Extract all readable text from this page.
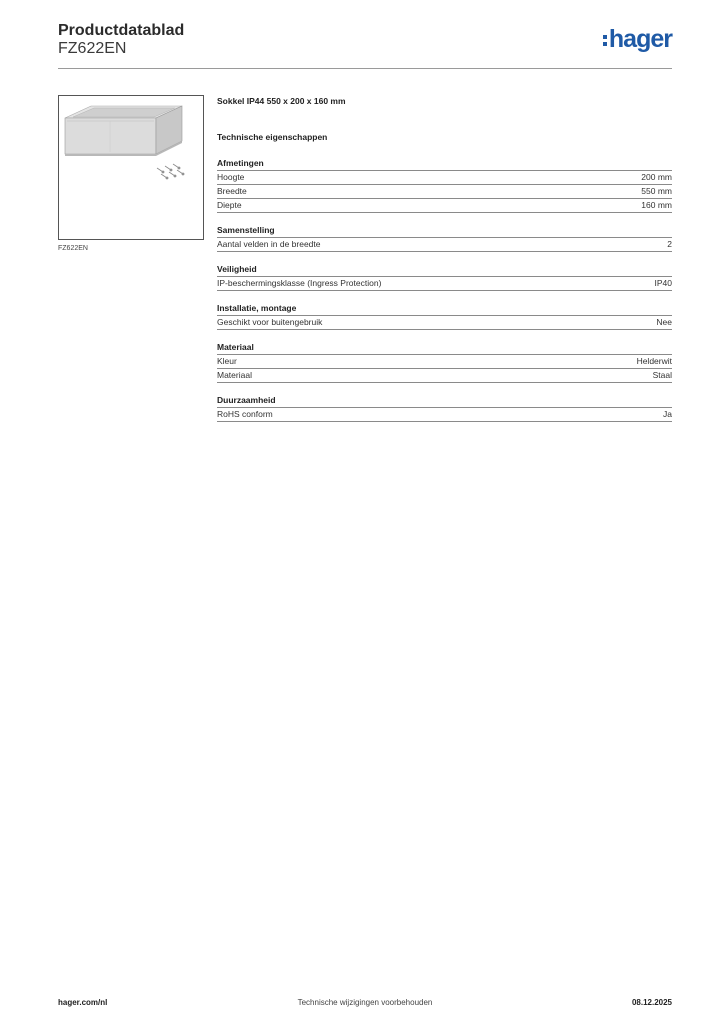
Productdatablad
FZ622EN	hager
FZ622EN
Sokkel IP44 550 x 200 x 160 mm
Technische eigenschappen
Afmetingen
Hoogte	200 mm
Breedte	550 mm
Diepte	160 mm
Samenstelling
Aantal velden in de breedte	2
Veiligheid
IP-beschermingsklasse (Ingress Protection)	IP40
Installatie, montage
Geschikt voor buitengebruik	Nee
Materiaal
Kleur	Helderwit
Materiaal	Staal
Duurzaamheid
RoHS conform	Ja
hager.com/nl	Technische wijzigingen voorbehouden	08.12.2025
